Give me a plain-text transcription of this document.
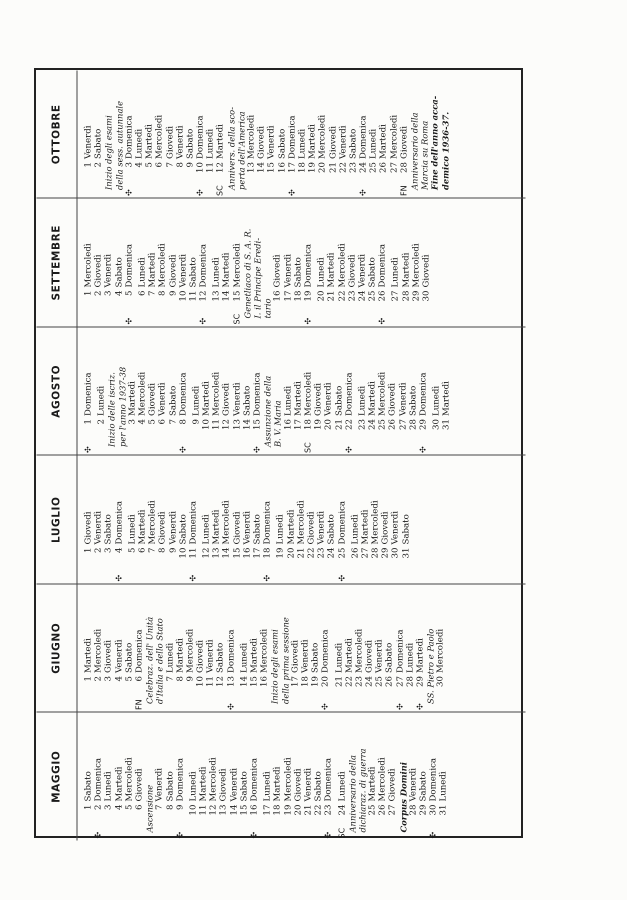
MAGGIO
1
Sabato
✣
2
Domenica
3
Lunedì
4
Martedì
5
Mercoledì
6
Giovedì Ascensione 7
Venerdì
8
Sabato
✣
9
Domenica
10
Lunedì
11
Martedì
12
Mercoledì
13
Giovedì
14
Venerdì
15
Sabato
✣
16
Domenica
17
Lunedì
18
Martedì
19
Mercoledì
20
Giovedì
21
Venerdì
22
Sabato
✣
23
Domenica
SC
24
Lunedì Anniversario della dichiaraz. di guerra 25
Martedì
26
Mercoledì
27
Giovedì Corpus Domini 28
Venerdì
29
Sabato
✣
30
Domenica
31
Lunedì
GIUGNO
1
Martedì
2
Mercoledì
3
Giovedì
4
Venerdì
5
Sabato
FN
6
Domenica Celebraz. dell' Unità d'Italia e dello Stato 7
Lunedì
8
Martedì
9
Mercoledì
10
Giovedì
11
Venerdì
12
Sabato
✣
13
Domenica
14
Lunedì
15
Martedì
16
Mercoledì Inizio degli esami della prima sessione 17
Giovedì
18
Venerdì
19
Sabato
✣
20
Domenica
21
Lunedì
22
Martedì
23
Mercoledì
24
Giovedì
25
Venerdì
26
Sabato
✣
27
Domenica
28
Lunedì
✣
29
Martedì SS. Pietro e Paolo 30
Mercoledì
LUGLIO
1
Giovedì
2
Venerdì
3
Sabato
✣
4
Domenica
5
Lunedì
6
Martedì
7
Mercoledì
8
Giovedì
9
Venerdì
10
Sabato
✣
11
Domenica
12
Lunedì
13
Martedì
14
Mercoledì
15
Giovedì
16
Venerdì
17
Sabato
✣
18
Domenica
19
Lunedì
20
Martedì
21
Mercoledì
22
Giovedì
23
Venerdì
24
Sabato
✣
25
Domenica
26
Lunedì
27
Martedì
28
Mercoledì
29
Giovedì
30
Venerdì
31
Sabato
AGOSTO
✣
1
Domenica
2
Lunedì Inizio delle iscriz. per l'anno 1937-38 3
Martedì
4
Mercoledì
5
Giovedì
6
Venerdì
7
Sabato
✣
8
Domenica
9
Lunedì
10
Martedì
11
Mercoledì
12
Giovedì
13
Venerdì
14
Sabato
✣
15
Domenica Assunzione della B. V. Maria 16
Lunedì
17
Martedì
SC
18
Mercoledì
19
Giovedì
20
Venerdì
21
Sabato
✣
22
Domenica
23
Lunedì
24
Martedì
25
Mercoledì
26
Giovedì
27
Venerdì
28
Sabato
✣
29
Domenica
30
Lunedì
31
Martedì
SETTEMBRE	1
Mercoledì
2
Giovedì
3
Venerdì
4
Sabato
✣
5
Domenica
6
Lunedì
7
Martedì
8
Mercoledì
9
Giovedì
10
Venerdì
11
Sabato
✣
12
Domenica
13
Lunedì
14
Martedì
SC
15
Mercoledì Genetliaco di S. A. R. I. il Principe Eredi- tario
16
Giovedì
17
Venerdì
18
Sabato
✣
19
Domenica
20
Lunedì
21
Martedì
22
Mercoledì
23
Giovedì
24
Venerdì
25
Sabato
✣
26
Domenica
27
Lunedì
28
Martedì
29
Mercoledì
30
Giovedì
OTTOBRE
1
Venerdì
2
Sabato Inizio degli esami della sess. autunnale
✣
3
Domenica
4
Lunedì
5
Martedì
6
Mercoledì
7
Giovedì
8
Venerdì
9
Sabato
✣
10
Domenica
11
Lunedì
SC
12
Martedì Annivers. della sco- perta dell'America 13
Mercoledì
14
Giovedì
15
Venerdì
16
Sabato
✣
17
Domenica
18
Lunedì
19
Martedì
20
Mercoledì
21
Giovedì
22
Venerdì
23
Sabato
✣
24
Domenica
25
Lunedì
26
Martedì
27
Mercoledì
FN
28
Giovedì Anniversario della Marcia su Roma Fine dell'anno acca- demico 1936-37.
